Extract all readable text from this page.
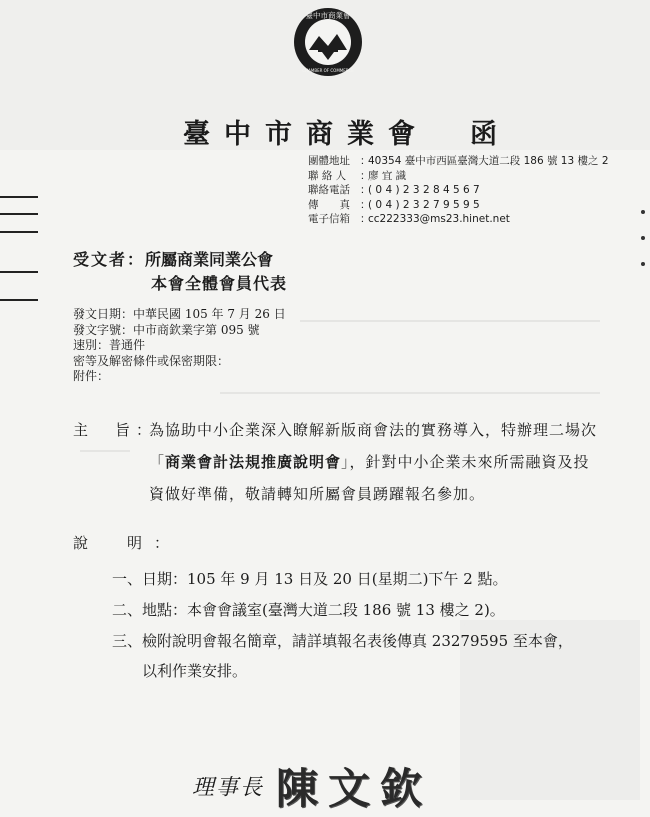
臺中市商業會
CHAMBER OF COMMERCE
臺中市商業會　函
團體地址 ：
40354 臺中市西區臺灣大道二段 186 號 13 樓之 2
聯 絡 人	：
廖 宜 識
聯絡電話 ：
( 0 4 ) 2 3 2 8 4 5 6 7
傳　　真 ：
( 0 4 ) 2 3 2 7 9 5 9 5
電子信箱 ：
cc222333@ms23.hinet.net
受文者：所屬商業同業公會
本會全體會員代表
發文日期：中華民國 105 年 7 月 26 日
發文字號：中市商欽業字第 095 號
速別：普通件
密等及解密條件或保密期限：
附件：
主　旨：
為協助中小企業深入瞭解新版商會法的實務導入，特辦理二場次「商業會計法規推廣說明會」，針對中小企業未來所需融資及投資做好準備，敬請轉知所屬會員踴躍報名參加。
說　明：
一、日期：105 年 9 月 13 日及 20 日(星期二)下午 2 點。
二、地點：本會會議室(臺灣大道二段 186 號 13 樓之 2)。
三、檢附說明會報名簡章，請詳填報名表後傳真 23279595 至本會，
以利作業安排。
理事長 陳文欽
